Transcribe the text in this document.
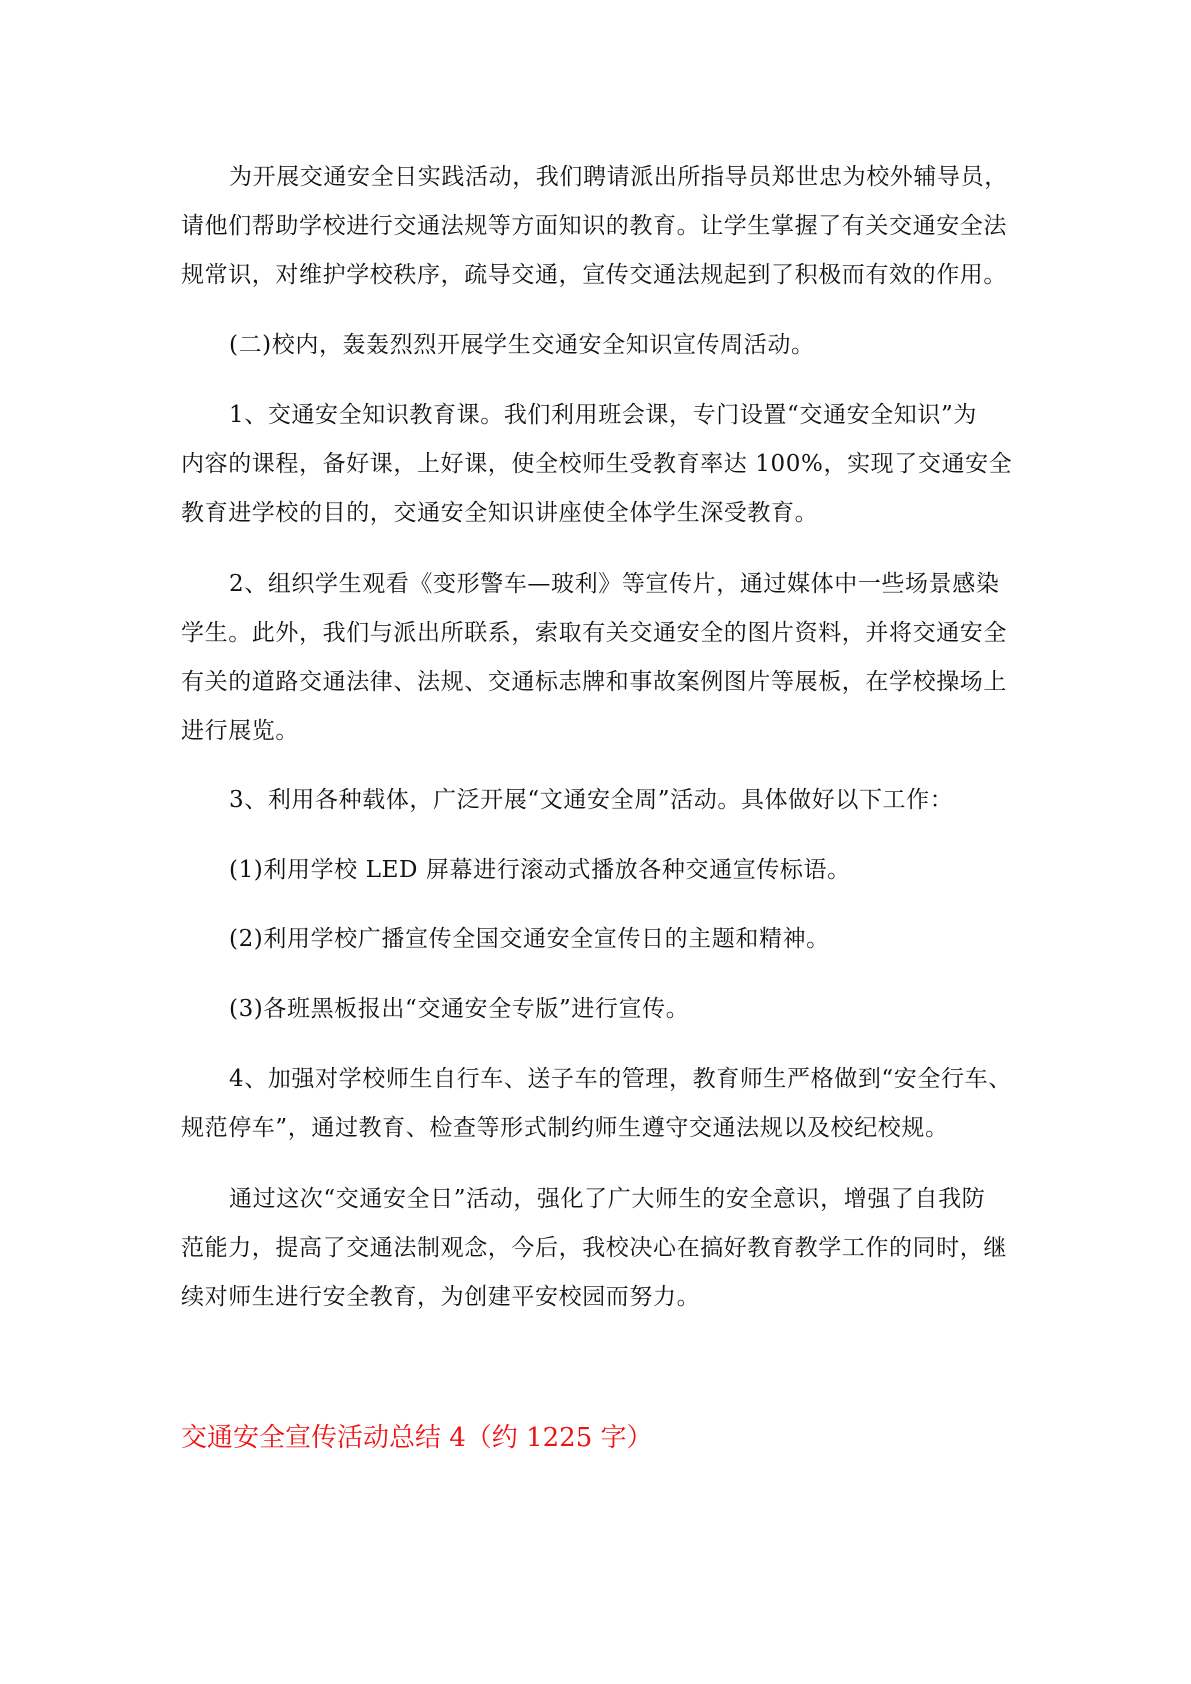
为开展交通安全日实践活动，我们聘请派出所指导员郑世忠为校外辅导员，
请他们帮助学校进行交通法规等方面知识的教育。让学生掌握了有关交通安全法
规常识，对维护学校秩序，疏导交通，宣传交通法规起到了积极而有效的作用。
(二)校内，轰轰烈烈开展学生交通安全知识宣传周活动。
1、交通安全知识教育课。我们利用班会课，专门设置“交通安全知识”为
内容的课程，备好课，上好课，使全校师生受教育率达 100%，实现了交通安全
教育进学校的目的，交通安全知识讲座使全体学生深受教育。
2、组织学生观看《变形警车—玻利》等宣传片，通过媒体中一些场景感染
学生。此外，我们与派出所联系，索取有关交通安全的图片资料，并将交通安全
有关的道路交通法律、法规、交通标志牌和事故案例图片等展板，在学校操场上
进行展览。
3、利用各种载体，广泛开展“文通安全周”活动。具体做好以下工作：
(1)利用学校 LED 屏幕进行滚动式播放各种交通宣传标语。
(2)利用学校广播宣传全国交通安全宣传日的主题和精神。
(3)各班黑板报出“交通安全专版”进行宣传。
4、加强对学校师生自行车、送子车的管理，教育师生严格做到“安全行车、
规范停车”，通过教育、检查等形式制约师生遵守交通法规以及校纪校规。
通过这次“交通安全日”活动，强化了广大师生的安全意识，增强了自我防
范能力，提高了交通法制观念，今后，我校决心在搞好教育教学工作的同时，继
续对师生进行安全教育，为创建平安校园而努力。
交通安全宣传活动总结 4（约 1225 字）
